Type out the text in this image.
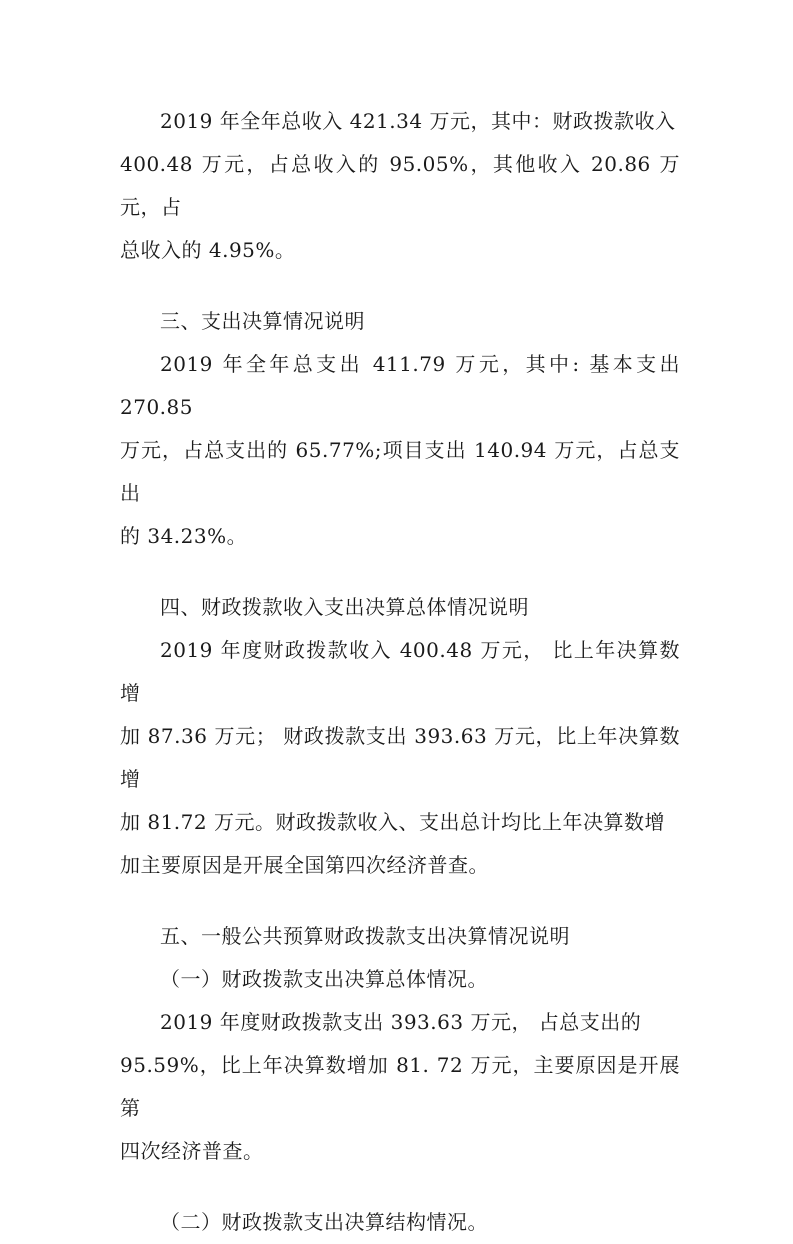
2019 年全年总收入 421.34 万元，其中：财政拨款收入
400.48 万元，占总收入的 95.05%，其他收入 20.86 万元，占
总收入的 4.95%。
三、支出决算情况说明
2019 年全年总支出 411.79 万元，其中: 基本支出 270.85
万元，占总支出的 65.77%;项目支出 140.94 万元，占总支出
的 34.23%。
四、财政拨款收入支出决算总体情况说明
2019 年度财政拨款收入 400.48 万元， 比上年决算数增
加 87.36 万元； 财政拨款支出 393.63 万元，比上年决算数增
加 81.72 万元。财政拨款收入、支出总计均比上年决算数增
加主要原因是开展全国第四次经济普查。
五、一般公共预算财政拨款支出决算情况说明
（一）财政拨款支出决算总体情况。
2019 年度财政拨款支出 393.63 万元， 占总支出的
95.59%，比上年决算数增加 81. 72 万元，主要原因是开展第
四次经济普查。
（二）财政拨款支出决算结构情况。
